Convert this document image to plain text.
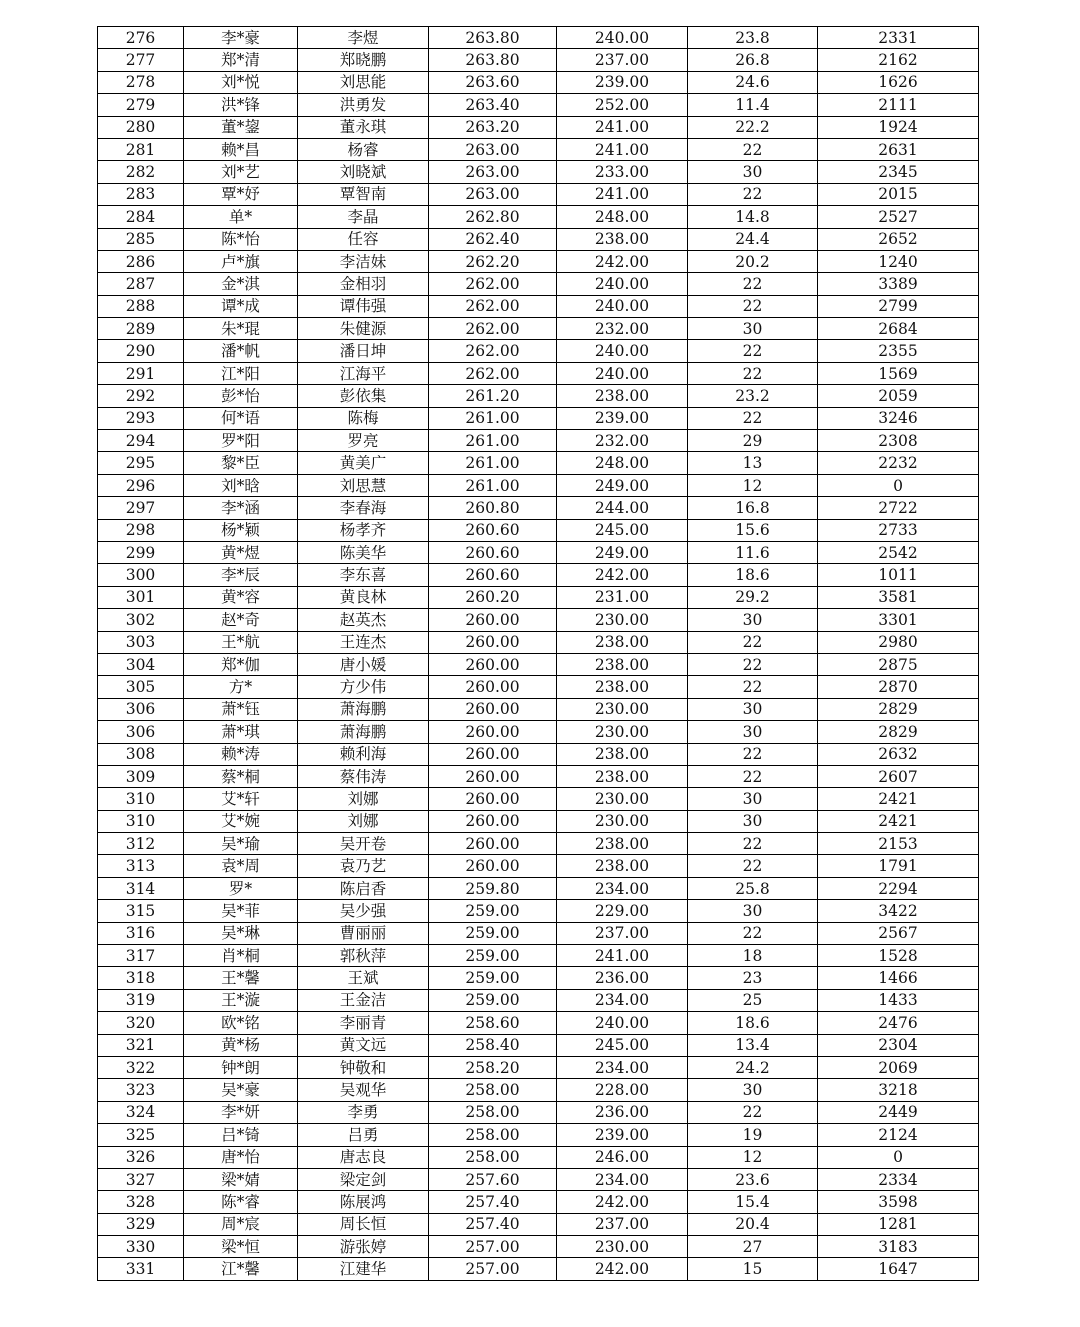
276	李*豪	李煜	263.80	240.00	23.8	2331
277	郑*清	郑晓鹏	263.80	237.00	26.8	2162
278	刘*悦	刘思能	263.60	239.00	24.6	1626
279	洪*锋	洪勇发	263.40	252.00	11.4	2111
280	董*鋆	董永琪	263.20	241.00	22.2	1924
281	赖*昌	杨睿	263.00	241.00	22	2631
282	刘*艺	刘晓斌	263.00	233.00	30	2345
283	覃*妤	覃智南	263.00	241.00	22	2015
284	单*	李晶	262.80	248.00	14.8	2527
285	陈*怡	任容	262.40	238.00	24.4	2652
286	卢*旗	李洁妹	262.20	242.00	20.2	1240
287	金*淇	金相羽	262.00	240.00	22	3389
288	谭*成	谭伟强	262.00	240.00	22	2799
289	朱*琨	朱健源	262.00	232.00	30	2684
290	潘*帆	潘日坤	262.00	240.00	22	2355
291	江*阳	江海平	262.00	240.00	22	1569
292	彭*怡	彭依集	261.20	238.00	23.2	2059
293	何*语	陈梅	261.00	239.00	22	3246
294	罗*阳	罗亮	261.00	232.00	29	2308
295	黎*臣	黄美广	261.00	248.00	13	2232
296	刘*晗	刘思慧	261.00	249.00	12	0
297	李*涵	李春海	260.80	244.00	16.8	2722
298	杨*颖	杨孝齐	260.60	245.00	15.6	2733
299	黄*煜	陈美华	260.60	249.00	11.6	2542
300	李*辰	李东喜	260.60	242.00	18.6	1011
301	黄*容	黄良林	260.20	231.00	29.2	3581
302	赵*奇	赵英杰	260.00	230.00	30	3301
303	王*航	王连杰	260.00	238.00	22	2980
304	郑*伽	唐小媛	260.00	238.00	22	2875
305	方*	方少伟	260.00	238.00	22	2870
306	萧*钰	萧海鹏	260.00	230.00	30	2829
306	萧*琪	萧海鹏	260.00	230.00	30	2829
308	赖*涛	赖利海	260.00	238.00	22	2632
309	蔡*桐	蔡伟涛	260.00	238.00	22	2607
310	艾*轩	刘娜	260.00	230.00	30	2421
310	艾*婉	刘娜	260.00	230.00	30	2421
312	吴*瑜	吴开卷	260.00	238.00	22	2153
313	袁*周	袁乃艺	260.00	238.00	22	1791
314	罗*	陈启香	259.80	234.00	25.8	2294
315	吴*菲	吴少强	259.00	229.00	30	3422
316	吴*琳	曹丽丽	259.00	237.00	22	2567
317	肖*桐	郭秋萍	259.00	241.00	18	1528
318	王*馨	王斌	259.00	236.00	23	1466
319	王*漩	王金洁	259.00	234.00	25	1433
320	欧*铭	李丽青	258.60	240.00	18.6	2476
321	黄*杨	黄文远	258.40	245.00	13.4	2304
322	钟*朗	钟敬和	258.20	234.00	24.2	2069
323	吴*豪	吴观华	258.00	228.00	30	3218
324	李*妍	李勇	258.00	236.00	22	2449
325	吕*锜	吕勇	258.00	239.00	19	2124
326	唐*怡	唐志良	258.00	246.00	12	0
327	梁*婧	梁定剑	257.60	234.00	23.6	2334
328	陈*睿	陈展鸿	257.40	242.00	15.4	3598
329	周*宸	周长恒	257.40	237.00	20.4	1281
330	梁*恒	游张婷	257.00	230.00	27	3183
331	江*馨	江建华	257.00	242.00	15	1647
